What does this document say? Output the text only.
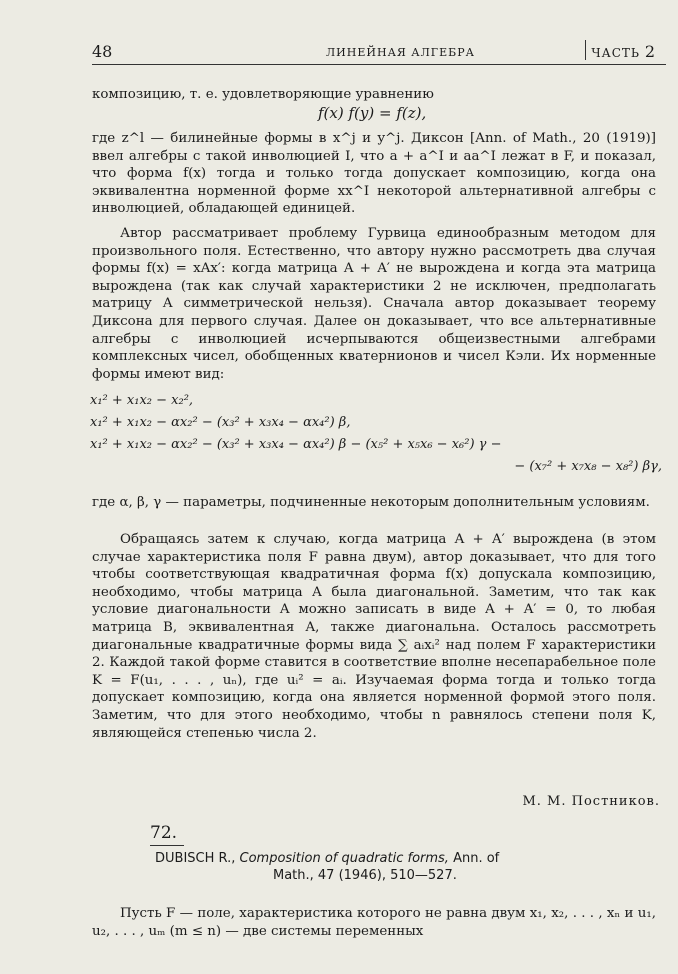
48	ЛИНЕЙНАЯ АЛГЕБРА	ЧАСТЬ 2

композицию, т. е. удовлетворяющие уравнению

f(x) f(y) = f(z),

где z^l — билинейные формы в x^j и y^j. Диксон [Ann. of Math., 20 (1919)] ввел алгебры с такой инволюцией I, что a + a^I и aa^I лежат в F, и показал, что форма f(x) тогда и только тогда допускает композицию, когда она эквивалентна норменной форме xx^I некоторой альтернативной алгебры с инволюцией, обладающей единицей.

Автор рассматривает проблему Гурвица единообразным методом для произвольного поля. Естественно, что автору нужно рассмотреть два случая формы f(x) = xAx′: когда матрица A + A′ не вырождена и когда эта матрица вырождена (так как случай характеристики 2 не исключен, предполагать матрицу A симметрической нельзя). Сначала автор доказывает теорему Диксона для первого случая. Далее он доказывает, что все альтернативные алгебры с инволюцией исчерпываются общеизвестными алгебрами комплексных чисел, обобщенных кватернионов и чисел Кэли. Их норменные формы имеют вид:

x₁² + x₁x₂ − x₂²,
x₁² + x₁x₂ − αx₂² − (x₃² + x₃x₄ − αx₄²) β,
x₁² + x₁x₂ − αx₂² − (x₃² + x₃x₄ − αx₄²) β − (x₅² + x₅x₆ − x₆²) γ −
− (x₇² + x₇x₈ − x₈²) βγ,

где α, β, γ — параметры, подчиненные некоторым дополнительным условиям.

Обращаясь затем к случаю, когда матрица A + A′ вырождена (в этом случае характеристика поля F равна двум), автор доказывает, что для того чтобы соответствующая квадратичная форма f(x) допускала композицию, необходимо, чтобы матрица A была диагональной. Заметим, что так как условие диагональности A можно записать в виде A + A′ = 0, то любая матрица B, эквивалентная A, также диагональна. Осталось рассмотреть диагональные квадратичные формы вида ∑ aᵢxᵢ² над полем F характеристики 2. Каждой такой форме ставится в соответствие вполне несепарабельное поле K = F(u₁, . . . , uₙ), где uᵢ² = aᵢ. Изучаемая форма тогда и только тогда допускает композицию, когда она является норменной формой этого поля. Заметим, что для этого необходимо, чтобы n равнялось степени поля K, являющейся степенью числа 2.

М. М. Постников.
72.
DUBISCH R., Composition of quadratic forms, Ann. of
Math., 47 (1946), 510—527.

Пусть F — поле, характеристика которого не равна двум x₁, x₂, . . . , xₙ и u₁, u₂, . . . , uₘ (m ≤ n) — две системы переменных
